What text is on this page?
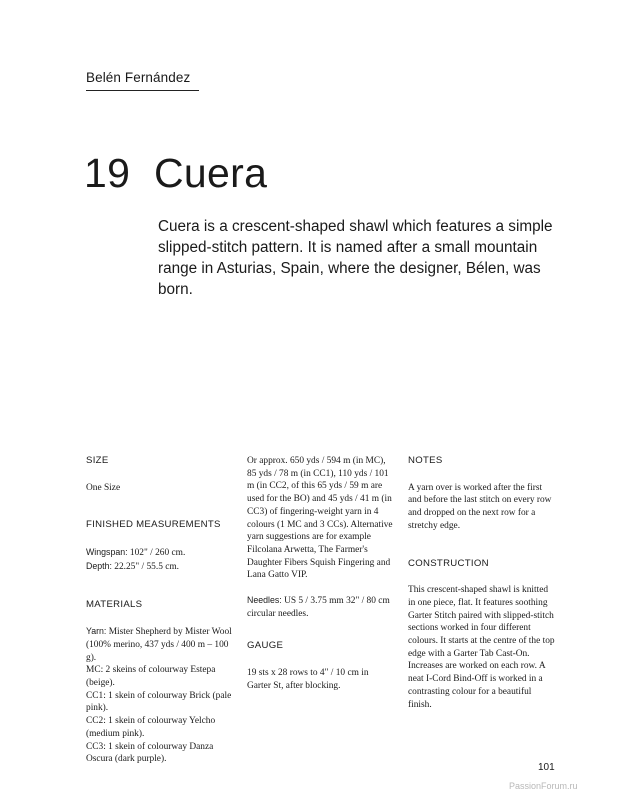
Belén Fernández
19 Cuera
Cuera is a crescent-shaped shawl which features a simple slipped-stitch pattern. It is named after a small mountain range in Asturias, Spain, where the designer, Bélen, was born.

SIZE

One Size

FINISHED MEASUREMENTS

Wingspan: 102" / 260 cm.

Depth: 22.25" / 55.5 cm.

MATERIALS

Yarn: Mister Shepherd by Mister Wool (100% merino, 437 yds / 400 m – 100 g).

MC: 2 skeins of colourway Estepa (beige).

CC1: 1 skein of colourway Brick (pale pink).

CC2: 1 skein of colourway Yelcho (medium pink).

CC3: 1 skein of colourway Danza Oscura (dark purple).

Or approx. 650 yds / 594 m (in MC), 85 yds / 78 m (in CC1), 110 yds / 101 m (in CC2, of this 65 yds / 59 m are used for the BO) and 45 yds / 41 m (in CC3) of fingering-weight yarn in 4 colours (1 MC and 3 CCs). Alternative yarn suggestions are for example Filcolana Arwetta, The Farmer's Daughter Fibers Squish Fingering and Lana Gatto VIP.

Needles: US 5 / 3.75 mm 32" / 80 cm circular needles.

GAUGE

19 sts x 28 rows to 4" / 10 cm in Garter St, after blocking.

NOTES

A yarn over is worked after the first and before the last stitch on every row and dropped on the next row for a stretchy edge.

CONSTRUCTION

This crescent-shaped shawl is knitted in one piece, flat. It features soothing Garter Stitch paired with slipped-stitch sections worked in four different colours. It starts at the centre of the top edge with a Garter Tab Cast-On. Increases are worked on each row. A neat I-Cord Bind-Off is worked in a contrasting colour for a beautiful finish.

101
PassionForum.ru
